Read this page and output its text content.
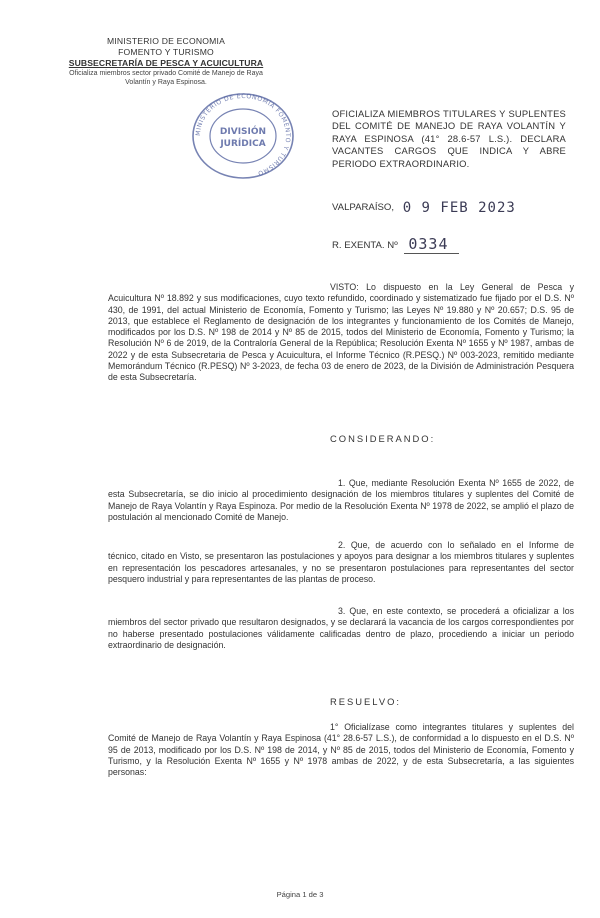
MINISTERIO DE ECONOMIA
FOMENTO Y TURISMO
SUBSECRETARÍA DE PESCA Y ACUICULTURA
Oficializa miembros sector privado Comité de Manejo de Raya
Volantín y Raya Espinosa.
MINISTERIO DE ECONOMÍA FOMENTO Y TURISMO
DIVISIÓN
JURÍDICA
OFICIALIZA MIEMBROS TITULARES Y SUPLENTES DEL COMITÉ DE MANEJO DE RAYA VOLANTÍN Y RAYA ESPINOSA (41° 28.6-57 L.S.). DECLARA VACANTES CARGOS QUE INDICA Y ABRE PERIODO EXTRAORDINARIO.
VALPARAÍSO, 0 9 FEB 2023
R. EXENTA. Nº 0334
VISTO: Lo dispuesto en la Ley General de Pesca y Acuicultura Nº 18.892 y sus modificaciones, cuyo texto refundido, coordinado y sistematizado fue fijado por el D.S. Nº 430, de 1991, del actual Ministerio de Economía, Fomento y Turismo; las Leyes Nº 19.880 y Nº 20.657; D.S. 95 de 2013, que establece el Reglamento de designación de los integrantes y funcionamiento de los Comités de Manejo, modificados por los D.S. Nº 198 de 2014 y Nº 85 de 2015, todos del Ministerio de Economía, Fomento y Turismo; la Resolución Nº 6 de 2019, de la Contraloría General de la República; Resolución Exenta Nº 1655 y Nº 1987, ambas de 2022 y de esta Subsecretaria de Pesca y Acuicultura, el Informe Técnico (R.PESQ.) Nº 003-2023, remitido mediante Memorándum Técnico (R.PESQ) Nº 3-2023, de fecha 03 de enero de 2023, de la División de Administración Pesquera de esta Subsecretaría.
CONSIDERANDO:
1. Que, mediante Resolución Exenta Nº 1655 de 2022, de esta Subsecretaría, se dio inicio al procedimiento designación de los miembros titulares y suplentes del Comité de Manejo de Raya Volantín y Raya Espinoza. Por medio de la Resolución Exenta Nº 1978 de 2022, se amplió el plazo de postulación al mencionado Comité de Manejo.
2. Que, de acuerdo con lo señalado en el Informe de técnico, citado en Visto, se presentaron las postulaciones y apoyos para designar a los miembros titulares y suplentes en representación los pescadores artesanales, y no se presentaron postulaciones para representantes del sector pesquero industrial y para representantes de las plantas de proceso.
3. Que, en este contexto, se procederá a oficializar a los miembros del sector privado que resultaron designados, y se declarará la vacancia de los cargos correspondientes por no haberse presentado postulaciones válidamente calificadas dentro de plazo, procediendo a iniciar un periodo extraordinario de designación.
RESUELVO:
1° Oficialízase como integrantes titulares y suplentes del Comité de Manejo de Raya Volantín y Raya Espinosa (41° 28.6-57 L.S.), de conformidad a lo dispuesto en el D.S. Nº 95 de 2013, modificado por los D.S. Nº 198 de 2014, y Nº 85 de 2015, todos del Ministerio de Economía, Fomento y Turismo, y la Resolución Exenta Nº 1655 y Nº 1978 ambas de 2022, y de esta Subsecretaría, a las siguientes personas:
Página 1 de 3
